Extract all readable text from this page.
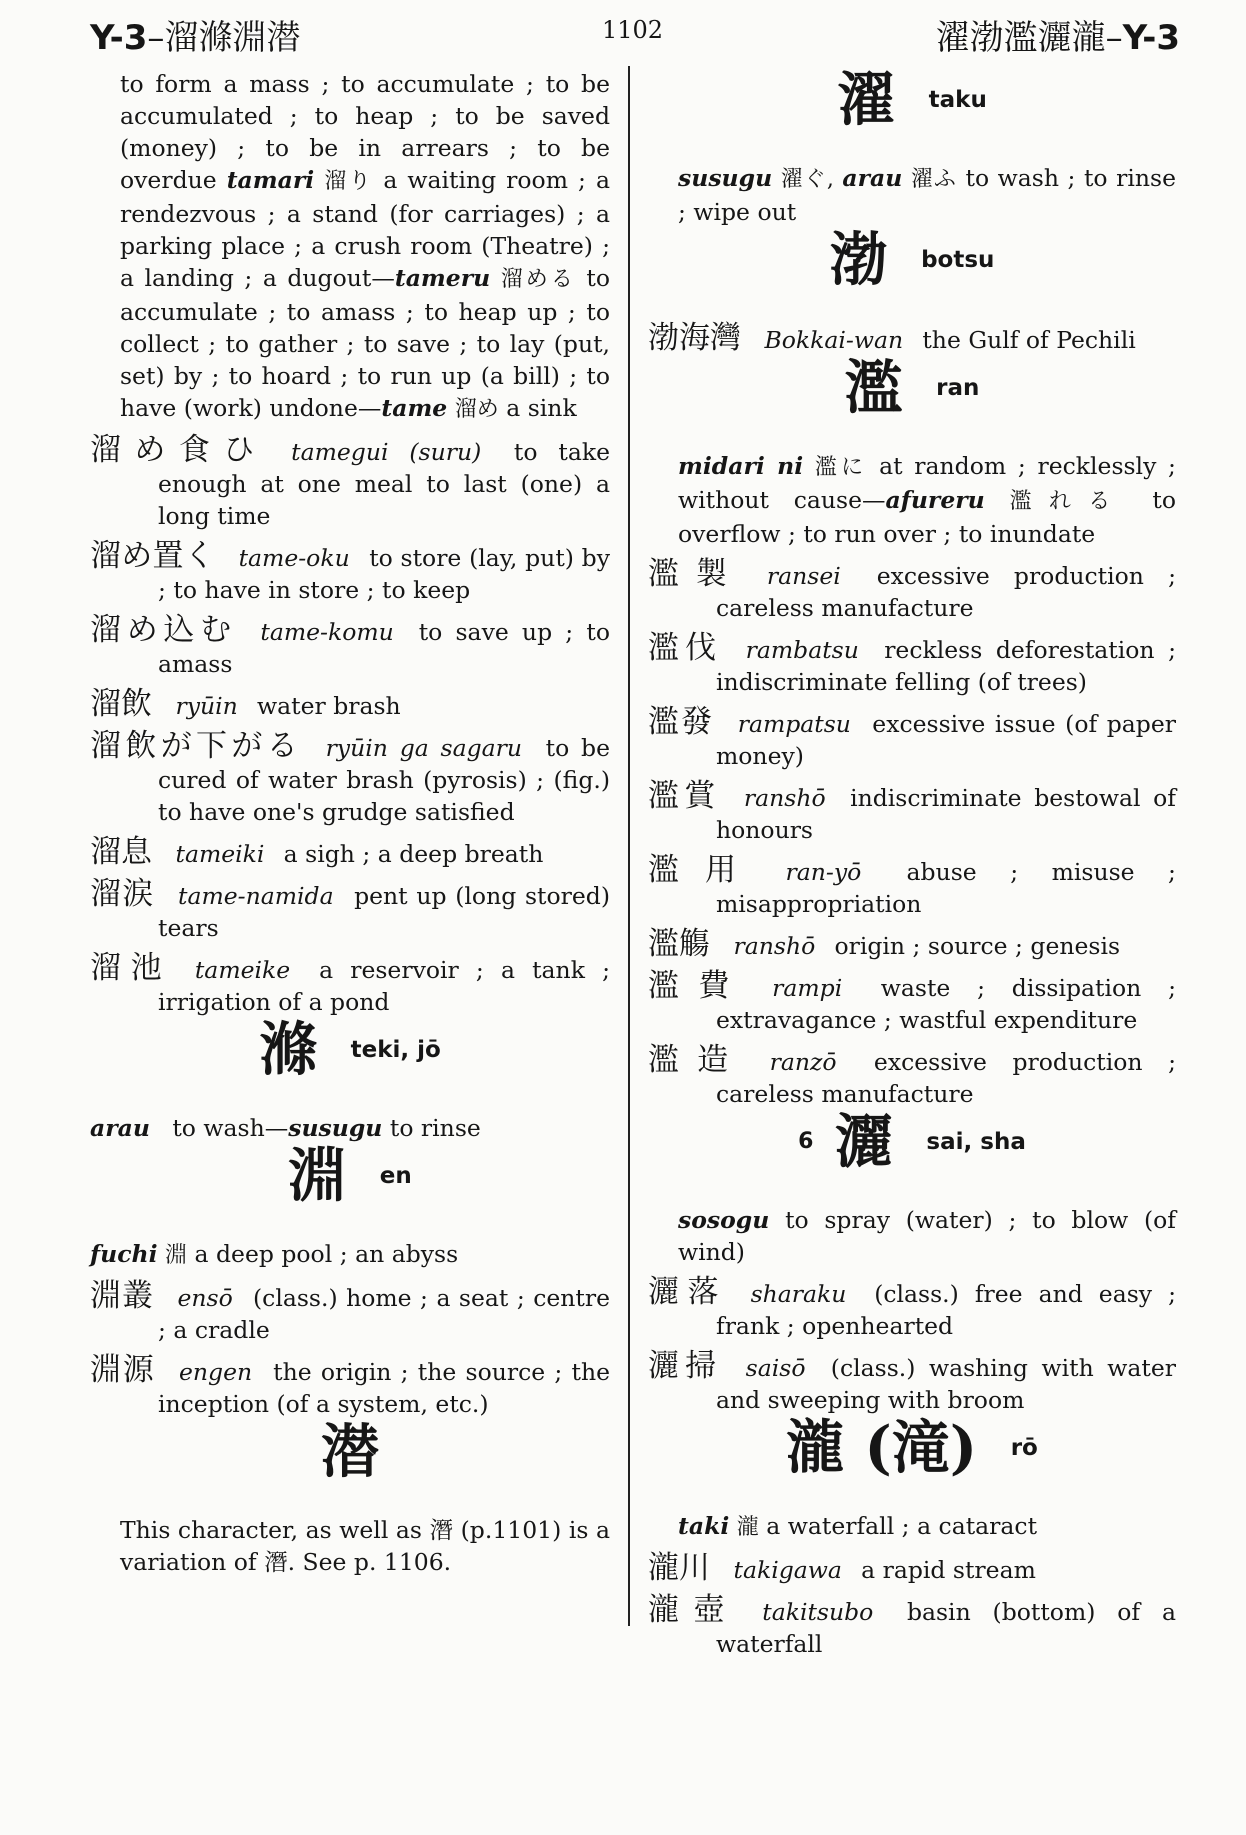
Y-3–溜滌淵潜	1102	濯渤濫灑瀧–Y-3
to form a mass ; to accumulate ; to be accumulated ; to heap ; to be saved (money) ; to be in arrears ; to be overdue tamari 溜り a waiting room ; a rendezvous ; a stand (for carriages) ; a parking place ; a crush room (Theatre) ; a landing ; a dugout—tameru 溜める to accumulate ; to amass ; to heap up ; to collect ; to gather ; to save ; to lay (put, set) by ; to hoard ; to run up (a bill) ; to have (work) undone—tame 溜め a sink
溜め食ひ  tamegui (suru)  to take enough at one meal to last (one) a long time
溜め置く  tame-oku  to store (lay, put) by ; to have in store ; to keep
溜め込む  tame-komu  to save up ; to amass
溜飲  ryūin  water brash
溜飲が下がる  ryūin ga sagaru  to be cured of water brash (pyrosis) ; (fig.) to have one's grudge satisfied
溜息  tameiki  a sigh ; a deep breath
溜涙  tame-namida  pent up (long stored) tears
溜池  tameike  a reservoir ; a tank ; irrigation of a pond
滌 teki, jō
arau to wash—susugu to rinse
淵 en
fuchi 淵 a deep pool ; an abyss
淵叢  ensō  (class.) home ; a seat ; centre ; a cradle
淵源  engen  the origin ; the source ; the inception (of a system, etc.)
潜
This character, as well as 潛 (p.1101) is a variation of 潛. See p. 1106.
濯 taku
susugu 濯ぐ, arau 濯ふ to wash ; to rinse ; wipe out
渤 botsu
渤海灣  Bokkai-wan  the Gulf of Pechili
濫 ran
midari ni 濫に at random ; recklessly ; without cause—afureru 濫れる to overflow ; to run over ; to inundate
濫製  ransei  excessive production ; careless manufacture
濫伐  rambatsu  reckless deforestation ; indiscriminate felling (of trees)
濫發  rampatsu  excessive issue (of paper money)
濫賞  ranshō  indiscriminate bestowal of honours
濫用  ran-yō  abuse ; misuse ; misappropriation
濫觴  ranshō  origin ; source ; genesis
濫費  rampi  waste ; dissipation ; extravagance ; wastful expenditure
濫造  ranzō  excessive production ; careless manufacture
6 灑 sai, sha
sosogu to spray (water) ; to blow (of wind)
灑落  sharaku  (class.) free and easy ; frank ; openhearted
灑掃  saisō  (class.) washing with water and sweeping with broom
瀧 (滝) rō
taki 瀧 a waterfall ; a cataract
瀧川  takigawa  a rapid stream
瀧壺  takitsubo  basin (bottom) of a waterfall
